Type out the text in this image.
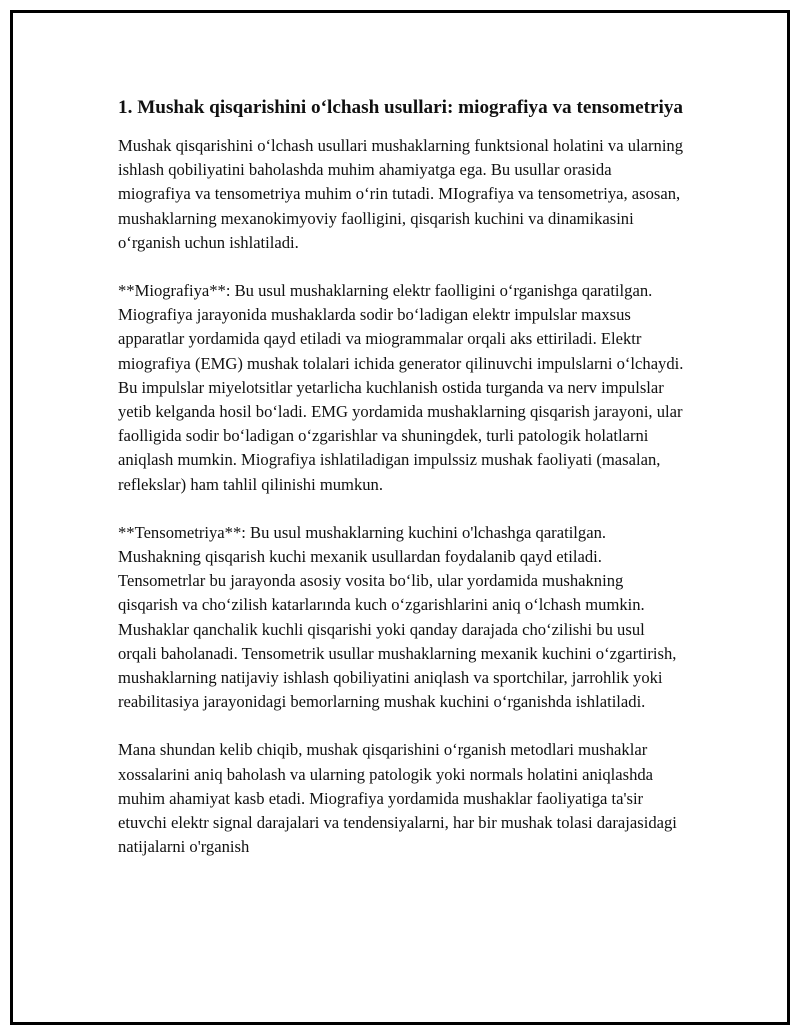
1. Mushak qisqarishini o‘lchash usullari: miografiya va tensometriya

Mushak qisqarishini o‘lchash usullari mushaklarning funktsional holatini va ularning ishlash qobiliyatini baholashda muhim ahamiyatga ega. Bu usullar orasida miografiya va tensometriya muhim o‘rin tutadi. MIografiya va tensometriya, asosan, mushaklarning mexanokimyoviy faolligini, qisqarish kuchini va dinamikasini o‘rganish uchun ishlatiladi.

**Miografiya**: Bu usul mushaklarning elektr faolligini o‘rganishga qaratilgan. Miografiya jarayonida mushaklarda sodir bo‘ladigan elektr impulslar maxsus apparatlar yordamida qayd etiladi va miogrammalar orqali aks ettiriladi. Elektr miografiya (EMG) mushak tolalari ichida generator qilinuvchi impulslarni o‘lchaydi. Bu impulslar miyelotsitlar yetarlicha kuchlanish ostida turganda va nerv impulslar yetib kelganda hosil bo‘ladi. EMG yordamida mushaklarning qisqarish jarayoni, ular faolligida sodir bo‘ladigan o‘zgarishlar va shuningdek, turli patologik holatlarni aniqlash mumkin. Miografiya ishlatiladigan impulssiz mushak faoliyati (masalan, reflekslar) ham tahlil qilinishi mumkun.

**Tensometriya**: Bu usul mushaklarning kuchini o'lchashga qaratilgan. Mushakning qisqarish kuchi mexanik usullardan foydalanib qayd etiladi. Tensometrlar bu jarayonda asosiy vosita bo‘lib, ular yordamida mushakning qisqarish va cho‘zilish katarlarında kuch o‘zgarishlarini aniq o‘lchash mumkin. Mushaklar qanchalik kuchli qisqarishi yoki qanday darajada cho‘zilishi bu usul orqali baholanadi. Tensometrik usullar mushaklarning mexanik kuchini o‘zgartirish, mushaklarning natijaviy ishlash qobiliyatini aniqlash va sportchilar, jarrohlik yoki reabilitasiya jarayonidagi bemorlarning mushak kuchini o‘rganishda ishlatiladi.

Mana shundan kelib chiqib, mushak qisqarishini o‘rganish metodlari mushaklar xossalarini aniq baholash va ularning patologik yoki normals holatini aniqlashda muhim ahamiyat kasb etadi. Miografiya yordamida mushaklar faoliyatiga ta'sir etuvchi elektr signal darajalari va tendensiyalarni, har bir mushak tolasi darajasidagi natijalarni o'rganish
